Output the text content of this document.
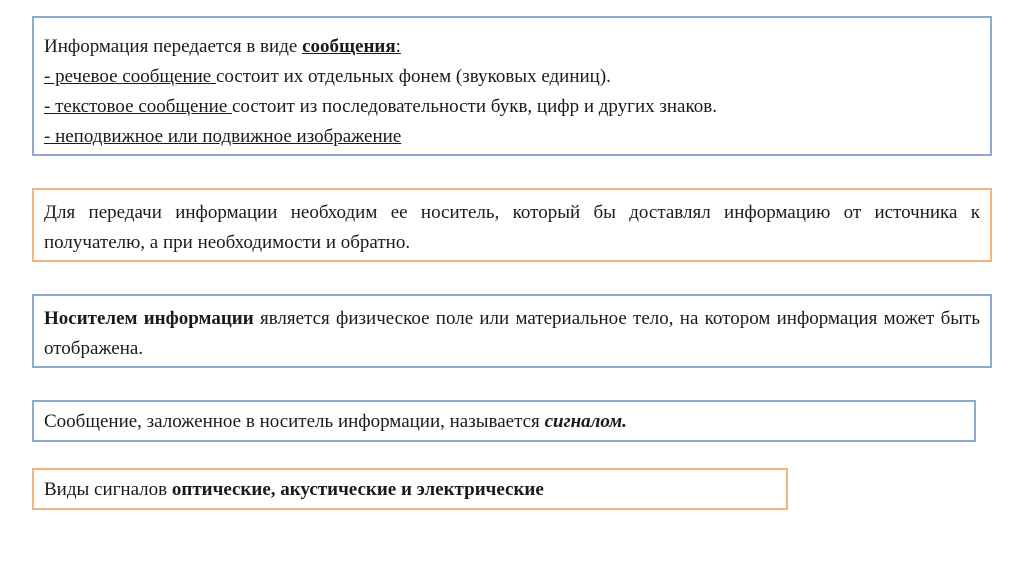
Информация передается в виде сообщения:
- речевое сообщение состоит их отдельных фонем (звуковых единиц).
- текстовое сообщение состоит из последовательности букв, цифр и других знаков.
- неподвижное или подвижное изображение
Для передачи информации необходим ее носитель, который бы доставлял информацию от источника к получателю, а при необходимости и обратно.
Носителем информации является физическое поле или материальное тело, на котором информация может быть отображена.
Сообщение, заложенное в носитель информации, называется сигналом.
Виды сигналов оптические, акустические и электрические
